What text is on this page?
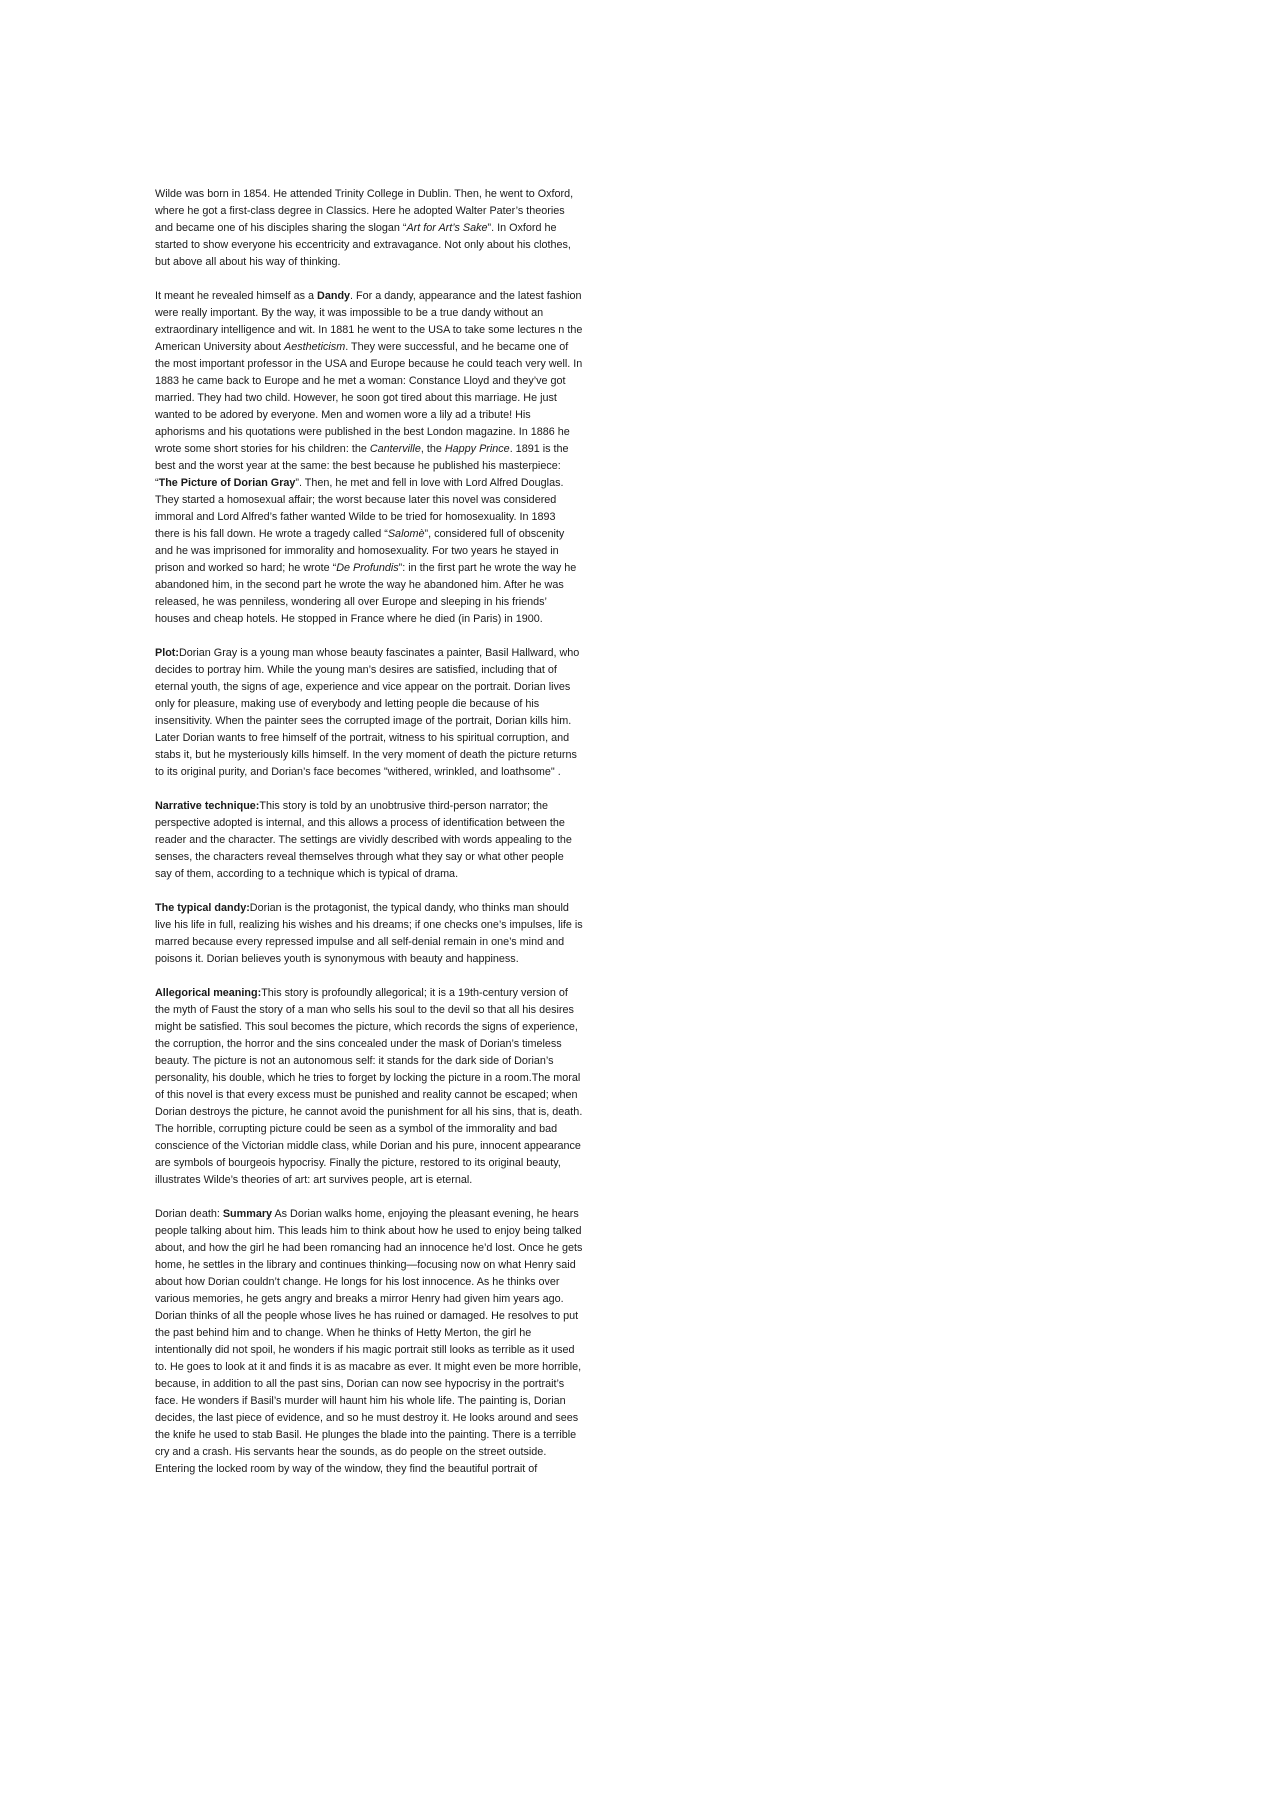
Wilde was born in 1854. He attended Trinity College in Dublin. Then, he went to Oxford, where he got a first-class degree in Classics. Here he adopted Walter Pater’s theories and became one of his disciples sharing the slogan “Art for Art’s Sake”. In Oxford he started to show everyone his eccentricity and extravagance. Not only about his clothes, but above all about his way of thinking.

It meant he revealed himself as a Dandy. For a dandy, appearance and the latest fashion were really important. By the way, it was impossible to be a true dandy without an extraordinary intelligence and wit. In 1881 he went to the USA to take some lectures n the American University about Aestheticism. They were successful, and he became one of the most important professor in the USA and Europe because he could teach very well. In 1883 he came back to Europe and he met a woman: Constance Lloyd and they’ve got married. They had two child. However, he soon got tired about this marriage. He just wanted to be adored by everyone. Men and women wore a lily ad a tribute! His aphorisms and his quotations were published in the best London magazine. In 1886 he wrote some short stories for his children: the Canterville, the Happy Prince. 1891 is the best and the worst year at the same: the best because he published his masterpiece: “The Picture of Dorian Gray”. Then, he met and fell in love with Lord Alfred Douglas. They started a homosexual affair; the worst because later this novel was considered immoral and Lord Alfred’s father wanted Wilde to be tried for homosexuality. In 1893 there is his fall down. He wrote a tragedy called “Salomè”, considered full of obscenity and he was imprisoned for immorality and homosexuality. For two years he stayed in prison and worked so hard; he wrote “De Profundis”: in the first part he wrote the way he abandoned him, in the second part he wrote the way he abandoned him. After he was released, he was penniless, wondering all over Europe and sleeping in his friends’ houses and cheap hotels. He stopped in France where he died (in Paris) in 1900.

Plot:Dorian Gray is a young man whose beauty fascinates a painter, Basil Hallward, who decides to portray him. While the young man’s desires are satisfied, including that of eternal youth, the signs of age, experience and vice appear on the portrait. Dorian lives only for pleasure, making use of everybody and letting people die because of his insensitivity. When the painter sees the corrupted image of the portrait, Dorian kills him. Later Dorian wants to free himself of the portrait, witness to his spiritual corruption, and stabs it, but he mysteriously kills himself. In the very moment of death the picture returns to its original purity, and Dorian’s face becomes "withered, wrinkled, and loathsome" .

Narrative technique:This story is told by an unobtrusive third-person narrator; the perspective adopted is internal, and this allows a process of identification between the reader and the character. The settings are vividly described with words appealing to the senses, the characters reveal themselves through what they say or what other people say of them, according to a technique which is typical of drama.

The typical dandy:Dorian is the protagonist, the typical dandy, who thinks man should live his life in full, realizing his wishes and his dreams; if one checks one’s impulses, life is marred because every repressed impulse and all self-denial remain in one’s mind and poisons it. Dorian believes youth is synonymous with beauty and happiness.

Allegorical meaning:This story is profoundly allegorical; it is a 19th-century version of the myth of Faust the story of a man who sells his soul to the devil so that all his desires might be satisfied. This soul becomes the picture, which records the signs of experience, the corruption, the horror and the sins concealed under the mask of Dorian’s timeless beauty. The picture is not an autonomous self: it stands for the dark side of Dorian’s personality, his double, which he tries to forget by locking the picture in a room.The moral of this novel is that every excess must be punished and reality cannot be escaped; when Dorian destroys the picture, he cannot avoid the punishment for all his sins, that is, death. The horrible, corrupting picture could be seen as a symbol of the immorality and bad conscience of the Victorian middle class, while Dorian and his pure, innocent appearance are symbols of bourgeois hypocrisy. Finally the picture, restored to its original beauty, illustrates Wilde’s theories of art: art survives people, art is eternal.

Dorian death: Summary As Dorian walks home, enjoying the pleasant evening, he hears people talking about him. This leads him to think about how he used to enjoy being talked about, and how the girl he had been romancing had an innocence he’d lost. Once he gets home, he settles in the library and continues thinking—focusing now on what Henry said about how Dorian couldn’t change. He longs for his lost innocence. As he thinks over various memories, he gets angry and breaks a mirror Henry had given him years ago.

Dorian thinks of all the people whose lives he has ruined or damaged. He resolves to put the past behind him and to change. When he thinks of Hetty Merton, the girl he intentionally did not spoil, he wonders if his magic portrait still looks as terrible as it used to. He goes to look at it and finds it is as macabre as ever. It might even be more horrible, because, in addition to all the past sins, Dorian can now see hypocrisy in the portrait’s face. He wonders if Basil’s murder will haunt him his whole life. The painting is, Dorian decides, the last piece of evidence, and so he must destroy it. He looks around and sees the knife he used to stab Basil. He plunges the blade into the painting. There is a terrible cry and a crash. His servants hear the sounds, as do people on the street outside. Entering the locked room by way of the window, they find the beautiful portrait of
